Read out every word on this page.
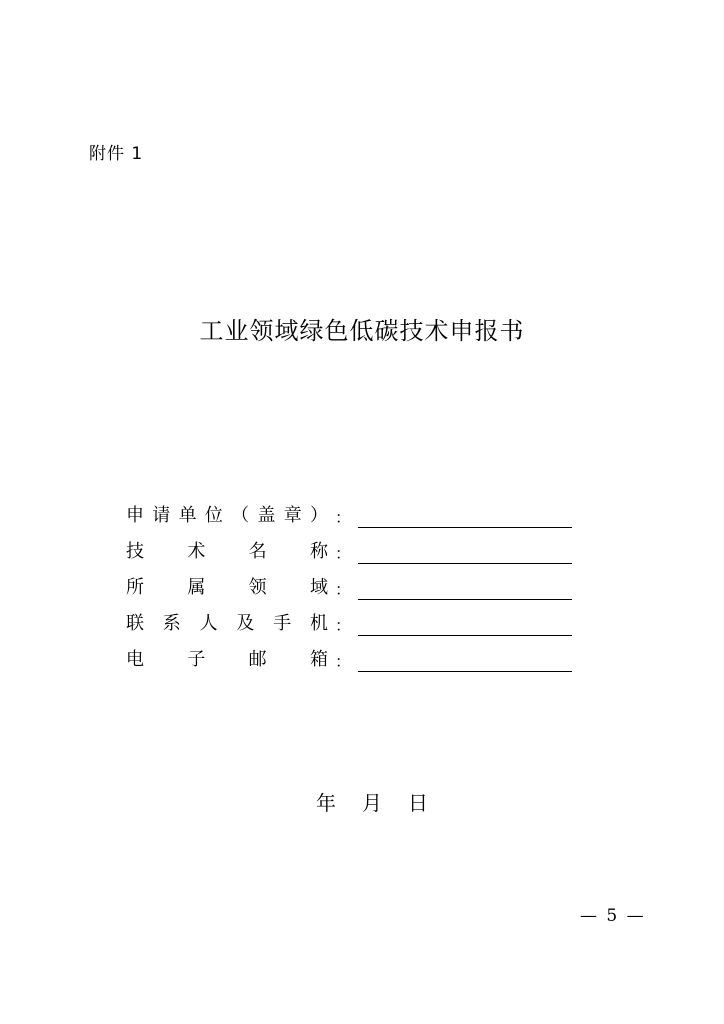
附件 1
工业领域绿色低碳技术申报书
申 请 单 位 （ 盖 章 ） ：
技 术 名 称 ：
所 属 领 域 ：
联 系 人 及 手 机 ：
电 子 邮 箱 ：
年 月 日
— 5 —
